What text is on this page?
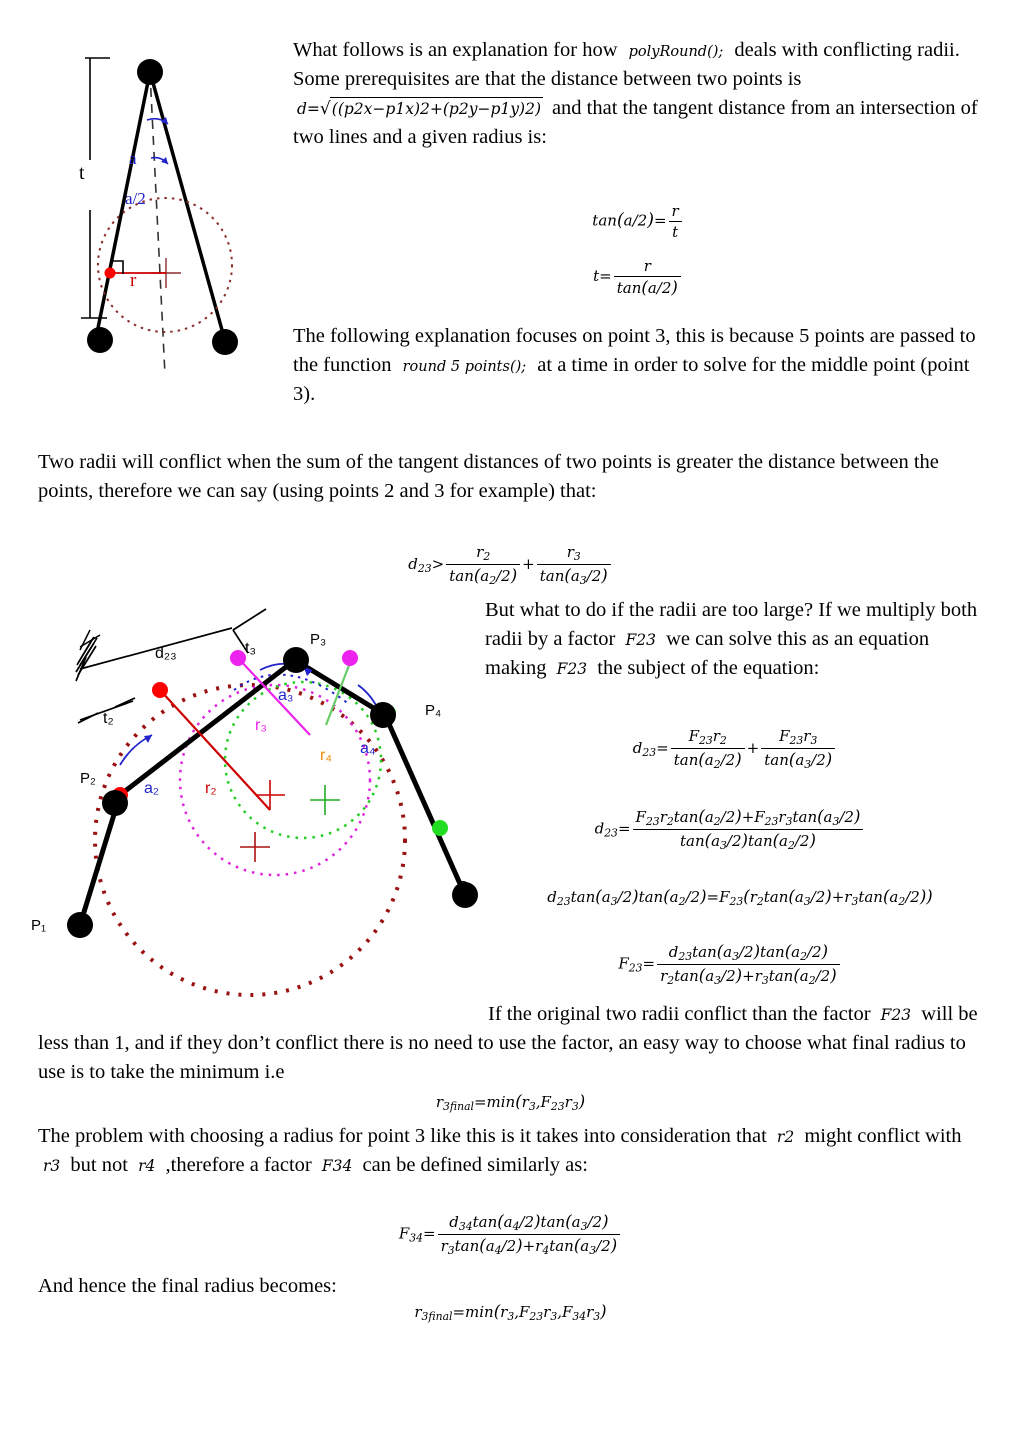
t
a
a/2
r
What follows is an explanation for how polyRound(); deals with conflicting radii. Some prerequisites are that the distance between two points is d=√((p2x−p1x)2+(p2y−p1y)2) and that the tangent distance from an intersection of two lines and a given radius is:
$\tan(a/2)= \frac{r}{t}$
$t= \frac{r}{\tan(a/2)}$
The following explanation focuses on point 3, this is because 5 points are passed to the function round 5 points(); at a time in order to solve for the middle point (point 3).
Two radii will conflict when the sum of the tangent distances of two points is greater the distance between the points, therefore we can say (using points 2 and 3 for example) that:
$d_{23}> \frac{r_2}{\tan(a_2/2)} + \frac{r_3}{\tan(a_3/2)}$
P₁
P₂
P₃
P₄
P₅
d₂₃
t₂
t₃
a₂
a₃
a₄
r₂
r₃
r₄
But what to do if the radii are too large? If we multiply both radii by a factor F23 we can solve this as an equation making F23 the subject of the equation:
$d_{23}= \frac{F_{23}r_2}{\tan(a_2/2)} + \frac{F_{23}r_3}{\tan(a_3/2)}$
$d_{23}= \frac{F_{23}r_2\tan(a_2/2)+F_{23}r_3\tan(a_3/2)}{\tan(a_3/2)\tan(a_2/2)}$
$d_{23}\tan(a_3/2)\tan(a_2/2)=F_{23}(r_2\tan(a_3/2)+r_3\tan(a_2/2))$
$F_{23}= \frac{d_{23}\tan(a_3/2)\tan(a_2/2)}{r_2\tan(a_3/2)+r_3\tan(a_2/2)}$
If the original two radii conflict than the factor F23 will be less than 1, and if they don’t conflict there is no need to use the factor, an easy way to choose what final radius to use is to take the minimum i.e
$r_{3final}=\min(r_3,F_{23}r_3)$
The problem with choosing a radius for point 3 like this is it takes into consideration that r2 might conflict with r3 but not r4 ,therefore a factor F34 can be defined similarly as:
$F_{34}= \frac{d_{34}\tan(a_4/2)\tan(a_3/2)}{r_3\tan(a_4/2)+r_4\tan(a_3/2)}$
And hence the final radius becomes:
$r_{3final}=\min(r_3,F_{23}r_3,F_{34}r_3)$
